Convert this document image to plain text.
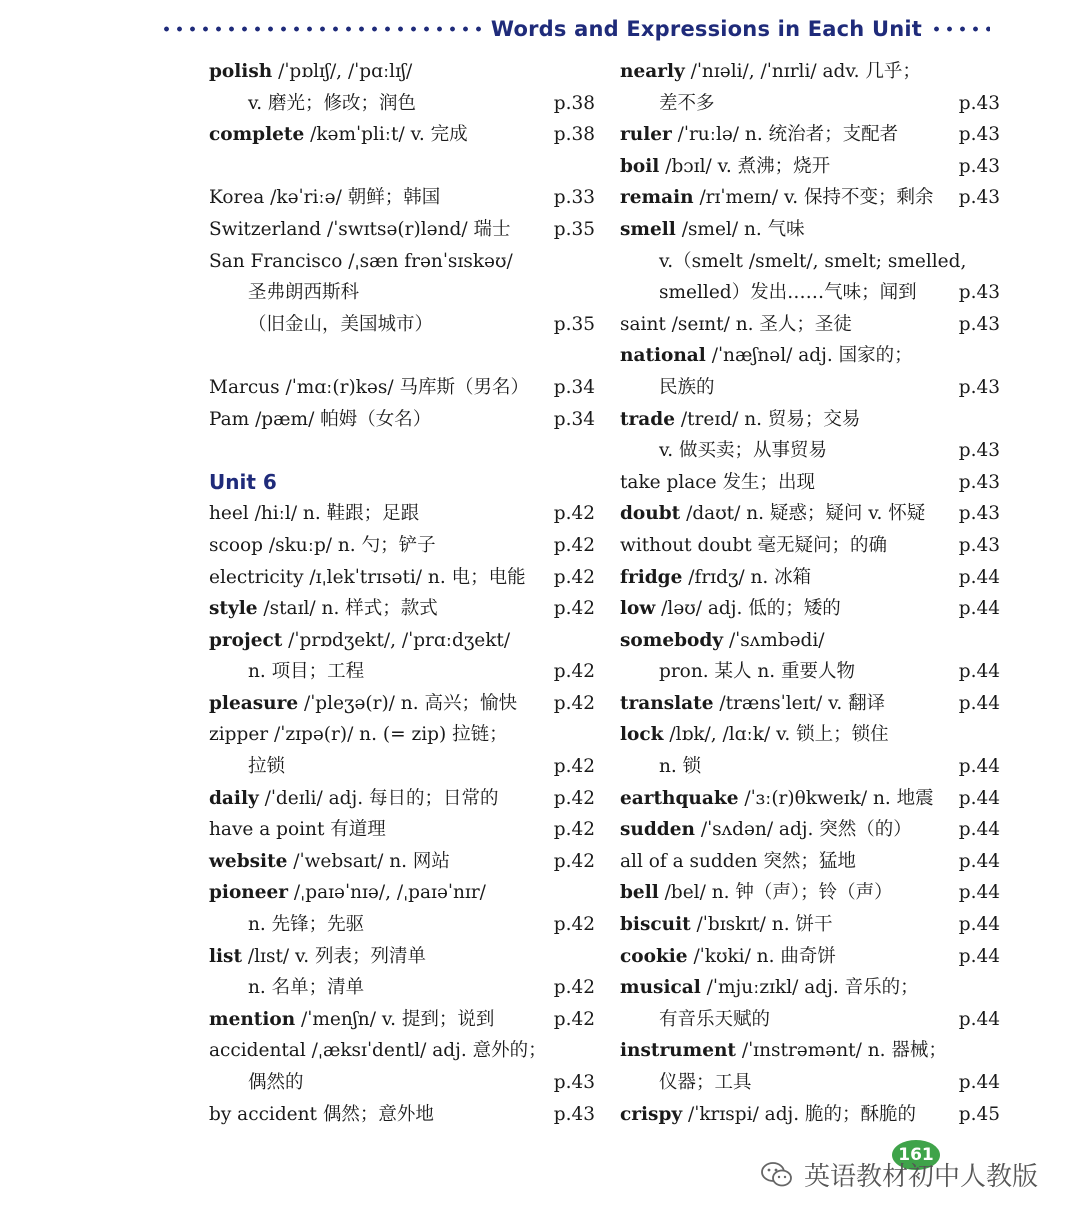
Words and Expressions in Each Unit
polish /ˈpɒlɪʃ/, /ˈpɑːlɪʃ/
v. 磨光；修改；润色	p.38
complete /kəmˈpliːt/ v. 完成	p.38
Korea /kəˈriːə/ 朝鲜；韩国	p.33
Switzerland /ˈswɪtsə(r)lənd/ 瑞士 p.35
San Francisco /ˌsæn frənˈsɪskəʊ/
圣弗朗西斯科
（旧金山，美国城市）	p.35
Marcus /ˈmɑː(r)kəs/ 马库斯（男名） p.34
Pam /pæm/ 帕姆（女名）	p.34
Unit 6
heel /hiːl/ n. 鞋跟；足跟	p.42
scoop /skuːp/ n. 勺；铲子	p.42
electricity /ɪˌlekˈtrɪsəti/ n. 电；电能 p.42
style /staɪl/ n. 样式；款式	p.42
project /ˈprɒdʒekt/, /ˈprɑːdʒekt/
n. 项目；工程	p.42
pleasure /ˈpleʒə(r)/ n. 高兴；愉快 p.42
zipper /ˈzɪpə(r)/ n. (= zip) 拉链；
拉锁	p.42
daily /ˈdeɪli/ adj. 每日的；日常的	p.42
have a point 有道理	p.42
website /ˈwebsaɪt/ n. 网站	p.42
pioneer /ˌpaɪəˈnɪə/, /ˌpaɪəˈnɪr/
n. 先锋；先驱	p.42
list /lɪst/ v. 列表；列清单
n. 名单；清单	p.42
mention /ˈmenʃn/ v. 提到；说到	p.42
accidental /ˌæksɪˈdentl/ adj. 意外的；
偶然的	p.43
by accident 偶然；意外地	p.43
nearly /ˈnɪəli/, /ˈnɪrli/ adv. 几乎；
差不多	p.43
ruler /ˈruːlə/ n. 统治者；支配者	p.43
boil /bɔɪl/ v. 煮沸；烧开	p.43
remain /rɪˈmeɪn/ v. 保持不变；剩余 p.43
smell /smel/ n. 气味
v.（smelt /smelt/, smelt; smelled,
smelled）发出……气味；闻到 p.43
saint /seɪnt/ n. 圣人；圣徒	p.43
national /ˈnæʃnəl/ adj. 国家的；
民族的	p.43
trade /treɪd/ n. 贸易；交易
v. 做买卖；从事贸易	p.43
take place 发生；出现	p.43
doubt /daʊt/ n. 疑惑；疑问 v. 怀疑 p.43
without doubt 毫无疑问；的确	p.43
fridge /frɪdʒ/ n. 冰箱	p.44
low /ləʊ/ adj. 低的；矮的	p.44
somebody /ˈsʌmbədi/
pron. 某人 n. 重要人物	p.44
translate /trænsˈleɪt/ v. 翻译	p.44
lock /lɒk/, /lɑːk/ v. 锁上；锁住
n. 锁	p.44
earthquake /ˈɜː(r)θkweɪk/ n. 地震 p.44
sudden /ˈsʌdən/ adj. 突然（的）	p.44
all of a sudden 突然；猛地	p.44
bell /bel/ n. 钟（声）；铃（声）	p.44
biscuit /ˈbɪskɪt/ n. 饼干	p.44
cookie /ˈkʊki/ n. 曲奇饼	p.44
musical /ˈmjuːzɪkl/ adj. 音乐的；
有音乐天赋的	p.44
instrument /ˈɪnstrəmənt/ n. 器械；
仪器；工具	p.44
crispy /ˈkrɪspi/ adj. 脆的；酥脆的 p.45
161
英语教材初中人教版
